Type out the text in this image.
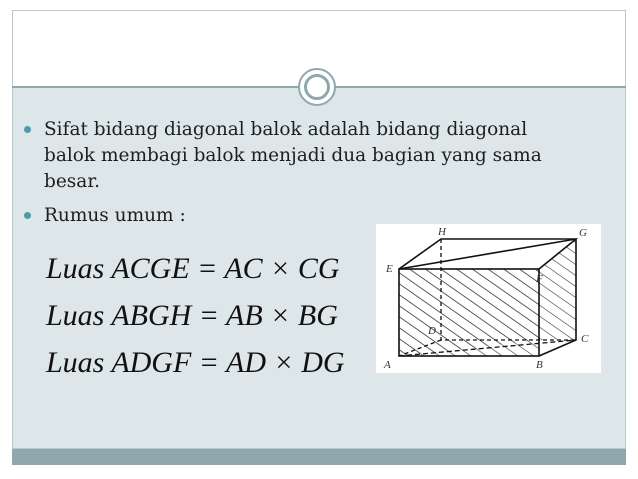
Sifat bidang diagonal balok adalah bidang diagonal
balok membagi balok menjadi dua bagian yang sama
besar.
Rumus umum :
Luas ACGE = AC × CG
Luas ABGH = AB × BG
Luas ADGF = AD × DG
H	G
E
F
D
C
A	B
